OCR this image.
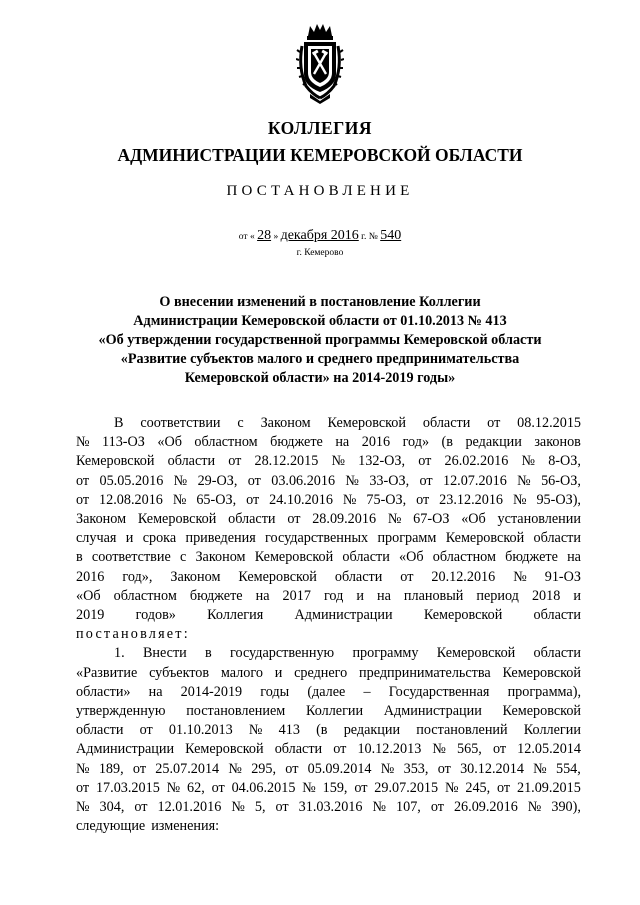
КОЛЛЕГИЯ
АДМИНИСТРАЦИИ КЕМЕРОВСКОЙ ОБЛАСТИ
ПОСТАНОВЛЕНИЕ
от « 28 » декабря 2016 г. № 540
г. Кемерово
О внесении изменений в постановление Коллегии
Администрации Кемеровской области от 01.10.2013 № 413
«Об утверждении государственной программы Кемеровской области
«Развитие субъектов малого и среднего предпринимательства
Кемеровской области» на 2014-2019 годы»
В соответствии с Законом Кемеровской области от 08.12.2015
№ 113-ОЗ «Об областном бюджете на 2016 год» (в редакции законов
Кемеровской области от 28.12.2015 № 132-ОЗ, от 26.02.2016 № 8-ОЗ,
от 05.05.2016 № 29-ОЗ, от 03.06.2016 № 33-ОЗ, от 12.07.2016 № 56-ОЗ,
от 12.08.2016 № 65-ОЗ, от 24.10.2016 № 75-ОЗ, от 23.12.2016 № 95-ОЗ),
Законом Кемеровской области от 28.09.2016 № 67-ОЗ «Об установлении
случая и срока приведения государственных программ Кемеровской области
в соответствие с Законом Кемеровской области «Об областном бюджете на
2016 год», Законом Кемеровской области от 20.12.2016 № 91-ОЗ
«Об областном бюджете на 2017 год и на плановый период 2018 и
2019 годов» Коллегия Администрации Кемеровской области
постановляет:
1. Внести в государственную программу Кемеровской области
«Развитие субъектов малого и среднего предпринимательства Кемеровской
области» на 2014-2019 годы (далее – Государственная программа),
утвержденную постановлением Коллегии Администрации Кемеровской
области от 01.10.2013 № 413 (в редакции постановлений Коллегии
Администрации Кемеровской области от 10.12.2013 № 565, от 12.05.2014
№ 189, от 25.07.2014 № 295, от 05.09.2014 № 353, от 30.12.2014 № 554,
от 17.03.2015 № 62, от 04.06.2015 № 159, от 29.07.2015 № 245, от 21.09.2015
№ 304, от 12.01.2016 № 5, от 31.03.2016 № 107, от 26.09.2016 № 390),
следующие изменения:
